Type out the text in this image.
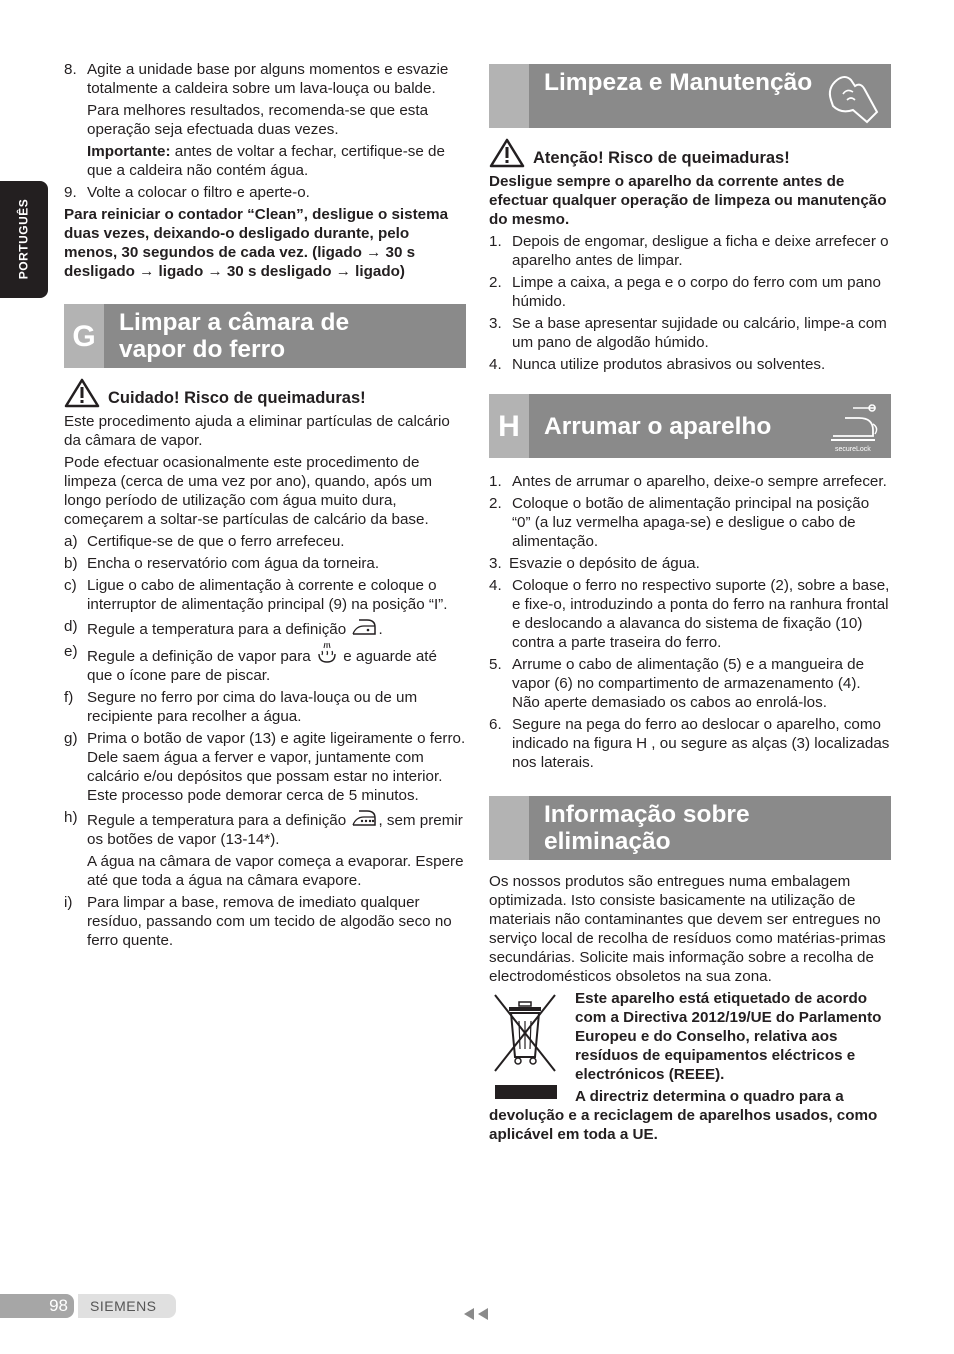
PORTUGUÊS
8. Agite a unidade base por alguns momentos e esvazie totalmente a caldeira sobre um lava-louça ou balde.
Para melhores resultados, recomenda-se que esta operação seja efectuada duas vezes.
Importante: antes de voltar a fechar, certifique-se de que a caldeira não contém água.
9. Volte a colocar o filtro e aperte-o.

Para reiniciar o contador “Clean”, desligue o sistema duas vezes, deixando-o desligado durante, pelo menos, 30 segundos de cada vez. (ligado → 30 s desligado → ligado → 30 s desligado → ligado)

G Limpar a câmara de vapor do ferro
Cuidado! Risco de queimaduras!

Este procedimento ajuda a eliminar partículas de calcário da câmara de vapor.

Pode efectuar ocasionalmente este procedimento de limpeza (cerca de uma vez por ano), quando, após um longo período de utilização com água muito dura, começarem a soltar-se partículas de calcário da base.

a) Certifique-se de que o ferro arrefeceu.
b) Encha o reservatório com água da torneira.
c) Ligue o cabo de alimentação à corrente e coloque o interruptor de alimentação principal (9) na posição “I”.
d) Regule a temperatura para a definição .
e) Regule a definição de vapor para  e aguarde até que o ícone pare de piscar.
f) Segure no ferro por cima do lava-louça ou de um recipiente para recolher a água.
g) Prima o botão de vapor (13) e agite ligeiramente o ferro. Dele saem água a ferver e vapor, juntamente com calcário e/ou depósitos que possam estar no interior. Este processo pode demorar cerca de 5 minutos.
h) Regule a temperatura para a definição , sem premir os botões de vapor (13-14*).
A água na câmara de vapor começa a evaporar. Espere até que toda a água na câmara evapore.
i) Para limpar a base, remova de imediato qualquer resíduo, passando com um tecido de algodão seco no ferro quente.
Limpeza e Manutenção
Atenção! Risco de queimaduras!

Desligue sempre o aparelho da corrente antes de efectuar qualquer operação de limpeza ou manutenção do mesmo.

1. Depois de engomar, desligue a ficha e deixe arrefecer o aparelho antes de limpar.
2. Limpe a caixa, a pega e o corpo do ferro com um pano húmido.
3. Se a base apresentar sujidade ou calcário, limpe-a com um pano de algodão húmido.
4. Nunca utilize produtos abrasivos ou solventes.
H Arrumar o aparelho
secureLock
1. Antes de arrumar o aparelho, deixe-o sempre arrefecer.
2. Coloque o botão de alimentação principal na posição “0” (a luz vermelha apaga-se) e desligue o cabo de alimentação.
3. Esvazie o depósito de água.
4. Coloque o ferro no respectivo suporte (2), sobre a base, e fixe-o, introduzindo a ponta do ferro na ranhura frontal e deslocando a alavanca do sistema de fixação (10) contra a parte traseira do ferro.
5. Arrume o cabo de alimentação (5) e a mangueira de vapor (6) no compartimento de armazenamento (4). Não aperte demasiado os cabos ao enrolá-los.
6. Segure na pega do ferro ao deslocar o aparelho, como indicado na figura H , ou segure as alças (3) localizadas nos laterais.
Informação sobre eliminação

Os nossos produtos são entregues numa embalagem optimizada. Isto consiste basicamente na utilização de materiais não contaminantes que devem ser entregues no serviço local de recolha de resíduos como matérias-primas secundárias. Solicite mais informação sobre a recolha de electrodomésticos obsoletos na sua zona.

Este aparelho está etiquetado de acordo com a Directiva 2012/19/UE do Parlamento Europeu e do Conselho, relativa aos resíduos de equipamentos eléctricos e electrónicos (REEE).

A directriz determina o quadro para a devolução e a reciclagem de aparelhos usados, como aplicável em toda a UE.

98	SIEMENS
